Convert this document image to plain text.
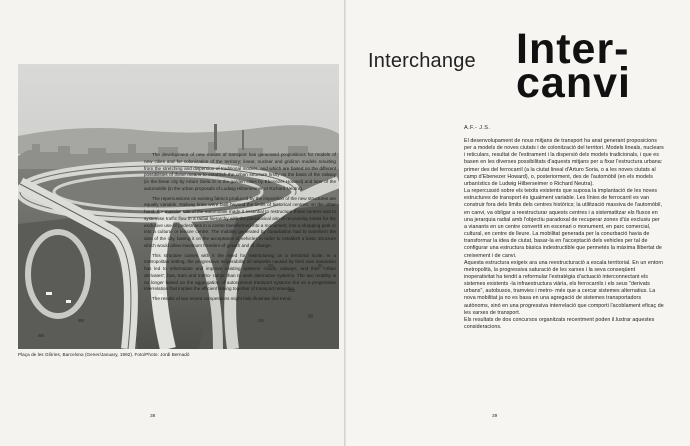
Plaça de les Glòries, Barcelona (Gener/January, 1992). Foto/Photo: Jordi Bernadó

The development of new means of transport has generated propositions for models of new cities and for colonization of the territory; linear, nuclear and gridiron models resulting from the stretching and dispersion of traditional models, and which are based on the different possibilities of these means to establish the urban structure firstly on the basis of the railway (in the linear city by Arturo Soria or in the garden cities by Ebenezer Howard) and later of the automobile (in the urban proposals of Ludwig Hilbersеimer or Richard Neutra).

The repercussions on existing fabrics produced by the imposition of the new structures are equally variable. Railway lines were built beyond the limits of historical centres; on the other hand, the massive use of the automobile made it essential to restructure these centres and to systemise traffic flow in a radial hierarchy with the paradoxical aim of recovering zones for the exclusive use of pedestrians in a centre transformed into a monument, into a shopping park or into a cultural or leisure centre. The mobility generated by conurbation had to transform the idea of the city, basing it on the acceptance of vehicles in order to establish a basic structure which would allow maximum freedom of growth and of change.

This structure comes with it the need for restructuring on a territorial scale. In a metropolitan setting, the progressive inoperability of networks caused by their own saturation has led to reformulate and improve existing systems -roads, railways, and their "urban derivates", bus, tram and metro- rather than to seek alternative systems. The two mobility is no longer based on the aggregation of autonomous transport systems but on a progressive interrelation that implies the efficient linking together of transport networks.

The results of two recent competitions might help illustrate this trend.

38
Interchange Inter-
canvi
A.F.- J.S.

El desenvolupament de nous mitjans de transport ha anat generant proposicions per a models de noves ciutats i de colonització del territori. Models lineals, nuclears i reticulars, resultat de l'estirament i la dispersió dels models tradicionals, i que es basen en les diverses possibilitats d'aquests mitjans per a fixar l'estructura urbana: primer des del ferrocarril (a la ciutat lineal d'Arturo Soria, o a les noves ciutats al camp d'Ebenezer Howard), o, posteriorment, des de l'automòbil (en els models urbanístics de Ludwig Hilbersеimer o Richard Neutra).

La repercussió sobre els teixits existents que suposa la implantació de les noves estructures de transport és igualment variable. Les línies de ferrocarril es van construir fora dels límits dels centres històrics; la utilització massiva de l'automòbil, en canvi, va obligar a reestructurar aquests centres i a sistematitzar els fluxos en una jerarquia radial amb l'objectiu paradoxal de recuperar zones d'ús exclusiu per a vianants en un centre convertit en escenari o monument, en parc comercial, cultural, en centre de lleure. La mobilitat generada per la conurbació havia de transformar la idea de ciutat, basar-la en l'acceptació dels vehicles per tal de configurar una estructura bàsica indestructible que permetés la màxima llibertat de creixement i de canvi.

Aquesta estructura exigeix ara una reestructuració a escala territorial. En un entorn metropolità, la progressiva saturació de les xarxes i la seva conseqüent inoperativitat ha tendit a reformular l'estratègia d'actuació interconnectant els sistemes existents -la infraestructura viària, els ferrocarrils i els seus "derivats urbans", autobusos, tramvies i metro- més que a cercar sistemes alternatius. La nova mobilitat ja no es basa en una agregació de sistemes transportadors autònoms, sinó en una progressiva interrelació que comporti l'acoblament eficaç de les xarxes de transport.

Els resultats de dos concursos organitzats recentment poden il.lustrar aquestes consideracions.

39
